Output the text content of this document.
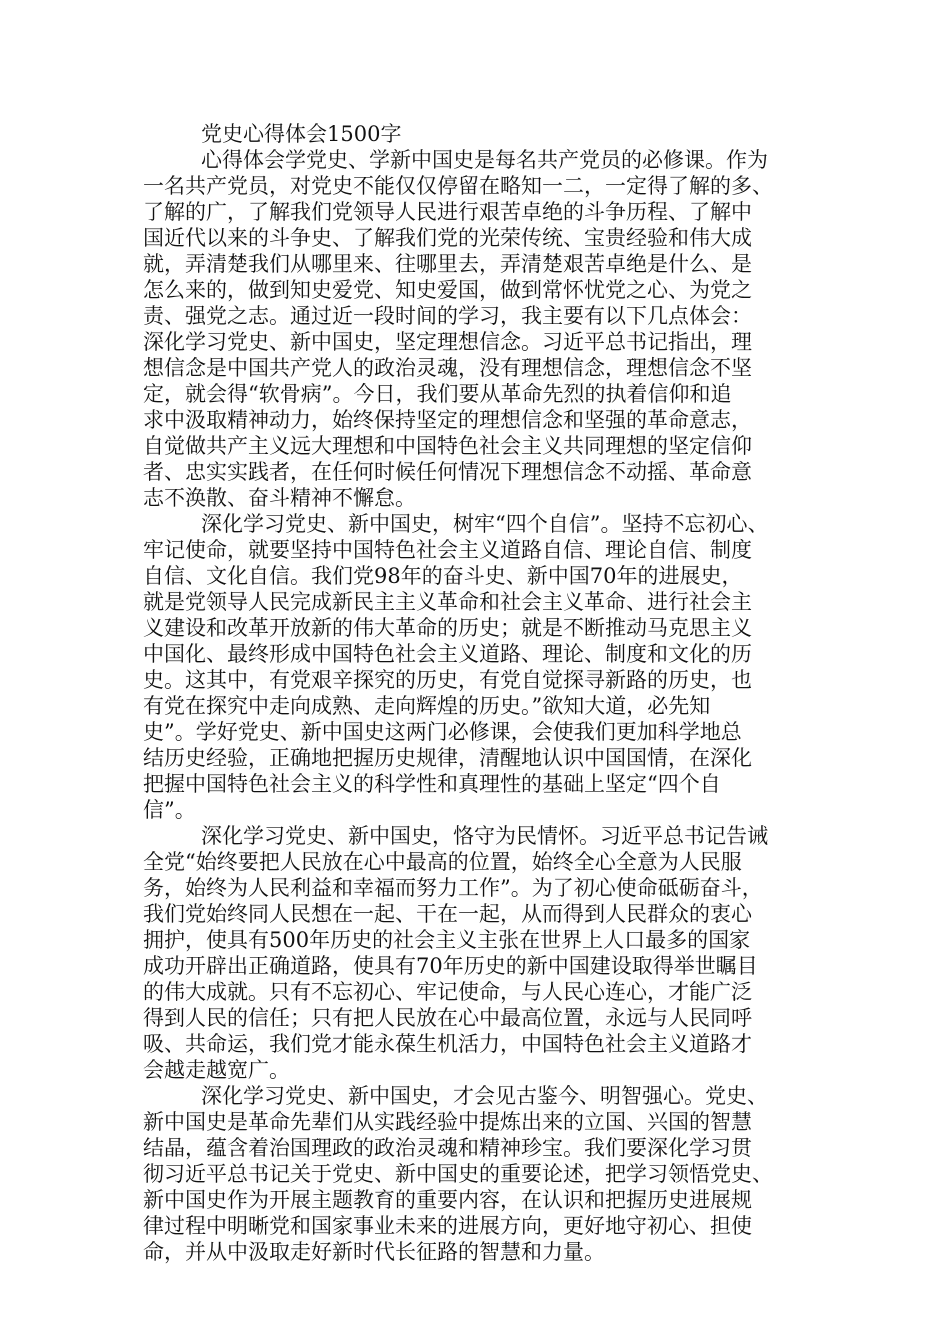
党史心得体会1500字
心得体会学党史、学新中国史是每名共产党员的必修课。作为
一名共产党员，对党史不能仅仅停留在略知一二，一定得了解的多、
了解的广，了解我们党领导人民进行艰苦卓绝的斗争历程、了解中
国近代以来的斗争史、了解我们党的光荣传统、宝贵经验和伟大成
就，弄清楚我们从哪里来、往哪里去，弄清楚艰苦卓绝是什么、是
怎么来的，做到知史爱党、知史爱国，做到常怀忧党之心、为党之
责、强党之志。通过近一段时间的学习，我主要有以下几点体会：
深化学习党史、新中国史，坚定理想信念。习近平总书记指出，理
想信念是中国共产党人的政治灵魂，没有理想信念，理想信念不坚
定，就会得“软骨病”。今日，我们要从革命先烈的执着信仰和追
求中汲取精神动力，始终保持坚定的理想信念和坚强的革命意志，
自觉做共产主义远大理想和中国特色社会主义共同理想的坚定信仰
者、忠实实践者，在任何时候任何情况下理想信念不动摇、革命意
志不涣散、奋斗精神不懈怠。
深化学习党史、新中国史，树牢“四个自信”。坚持不忘初心、
牢记使命，就要坚持中国特色社会主义道路自信、理论自信、制度
自信、文化自信。我们党98年的奋斗史、新中国70年的进展史，
就是党领导人民完成新民主主义革命和社会主义革命、进行社会主
义建设和改革开放新的伟大革命的历史；就是不断推动马克思主义
中国化、最终形成中国特色社会主义道路、理论、制度和文化的历
史。这其中，有党艰辛探究的历史，有党自觉探寻新路的历史，也
有党在探究中走向成熟、走向辉煌的历史。”欲知大道，必先知
史”。学好党史、新中国史这两门必修课，会使我们更加科学地总
结历史经验，正确地把握历史规律，清醒地认识中国国情，在深化
把握中国特色社会主义的科学性和真理性的基础上坚定“四个自
信”。
深化学习党史、新中国史，恪守为民情怀。习近平总书记告诫
全党“始终要把人民放在心中最高的位置，始终全心全意为人民服
务，始终为人民利益和幸福而努力工作”。为了初心使命砥砺奋斗，
我们党始终同人民想在一起、干在一起，从而得到人民群众的衷心
拥护，使具有500年历史的社会主义主张在世界上人口最多的国家
成功开辟出正确道路，使具有70年历史的新中国建设取得举世瞩目
的伟大成就。只有不忘初心、牢记使命，与人民心连心，才能广泛
得到人民的信任；只有把人民放在心中最高位置，永远与人民同呼
吸、共命运，我们党才能永葆生机活力，中国特色社会主义道路才
会越走越宽广。
深化学习党史、新中国史，才会见古鉴今、明智强心。党史、
新中国史是革命先辈们从实践经验中提炼出来的立国、兴国的智慧
结晶，蕴含着治国理政的政治灵魂和精神珍宝。我们要深化学习贯
彻习近平总书记关于党史、新中国史的重要论述，把学习领悟党史、
新中国史作为开展主题教育的重要内容，在认识和把握历史进展规
律过程中明晰党和国家事业未来的进展方向，更好地守初心、担使
命，并从中汲取走好新时代长征路的智慧和力量。
